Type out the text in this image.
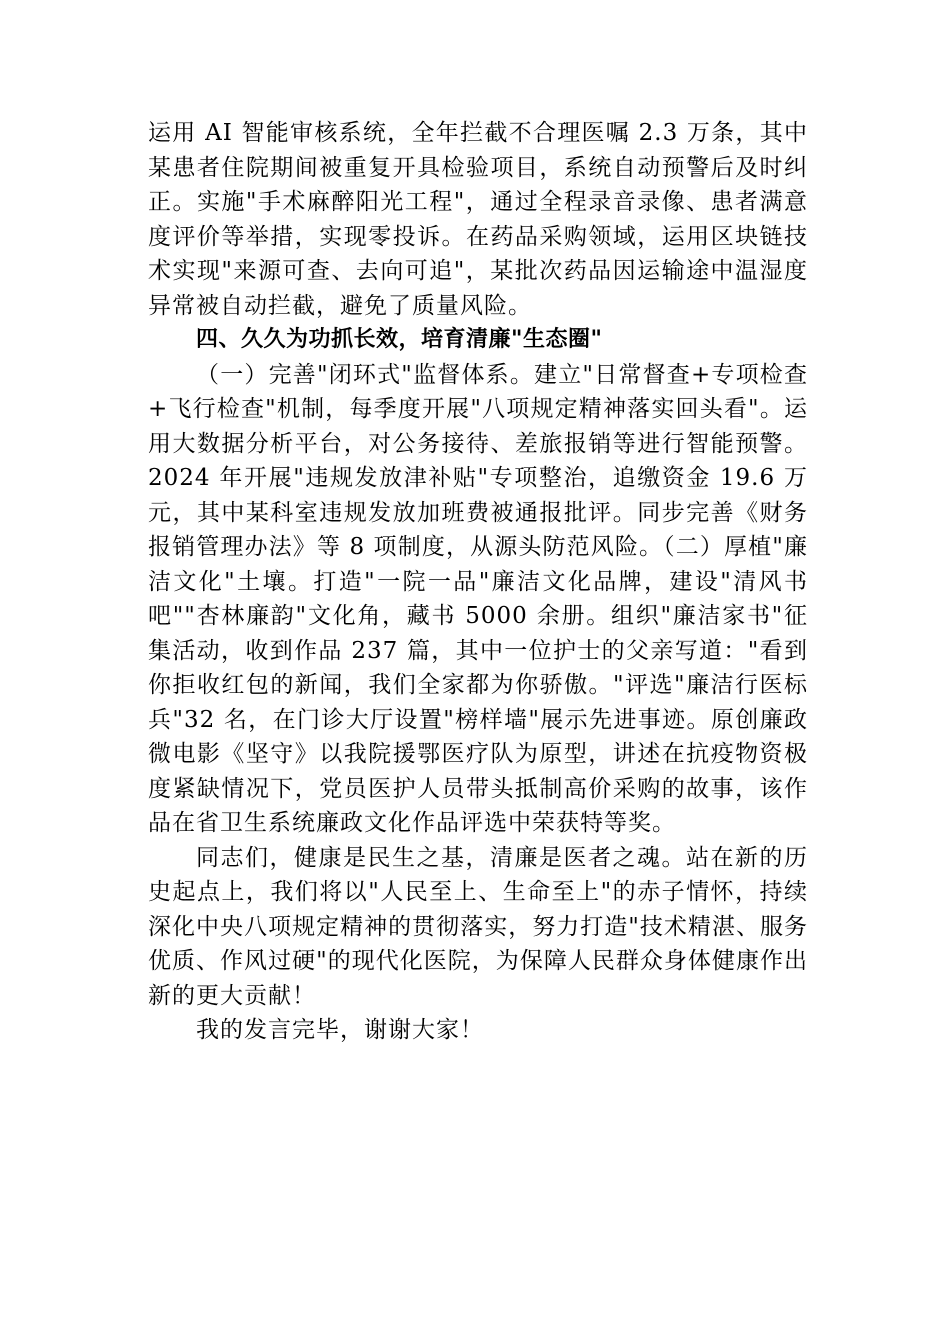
运用 AI 智能审核系统，全年拦截不合理医嘱 2.3 万条，其中某患者住院期间被重复开具检验项目，系统自动预警后及时纠正。实施"手术麻醉阳光工程"，通过全程录音录像、患者满意度评价等举措，实现零投诉。在药品采购领域，运用区块链技术实现"来源可查、去向可追"，某批次药品因运输途中温湿度异常被自动拦截，避免了质量风险。

四、久久为功抓长效，培育清廉"生态圈"

（一）完善"闭环式"监督体系。建立"日常督查+专项检查+飞行检查"机制，每季度开展"八项规定精神落实回头看"。运用大数据分析平台，对公务接待、差旅报销等进行智能预警。2024 年开展"违规发放津补贴"专项整治，追缴资金 19.6 万元，其中某科室违规发放加班费被通报批评。同步完善《财务报销管理办法》等 8 项制度，从源头防范风险。（二）厚植"廉洁文化"土壤。打造"一院一品"廉洁文化品牌，建设"清风书吧""杏林廉韵"文化角，藏书 5000 余册。组织"廉洁家书"征集活动，收到作品 237 篇，其中一位护士的父亲写道："看到你拒收红包的新闻，我们全家都为你骄傲。"评选"廉洁行医标兵"32 名，在门诊大厅设置"榜样墙"展示先进事迹。原创廉政微电影《坚守》以我院援鄂医疗队为原型，讲述在抗疫物资极度紧缺情况下，党员医护人员带头抵制高价采购的故事，该作品在省卫生系统廉政文化作品评选中荣获特等奖。

同志们，健康是民生之基，清廉是医者之魂。站在新的历史起点上，我们将以"人民至上、生命至上"的赤子情怀，持续深化中央八项规定精神的贯彻落实，努力打造"技术精湛、服务优质、作风过硬"的现代化医院，为保障人民群众身体健康作出新的更大贡献！

我的发言完毕，谢谢大家！
